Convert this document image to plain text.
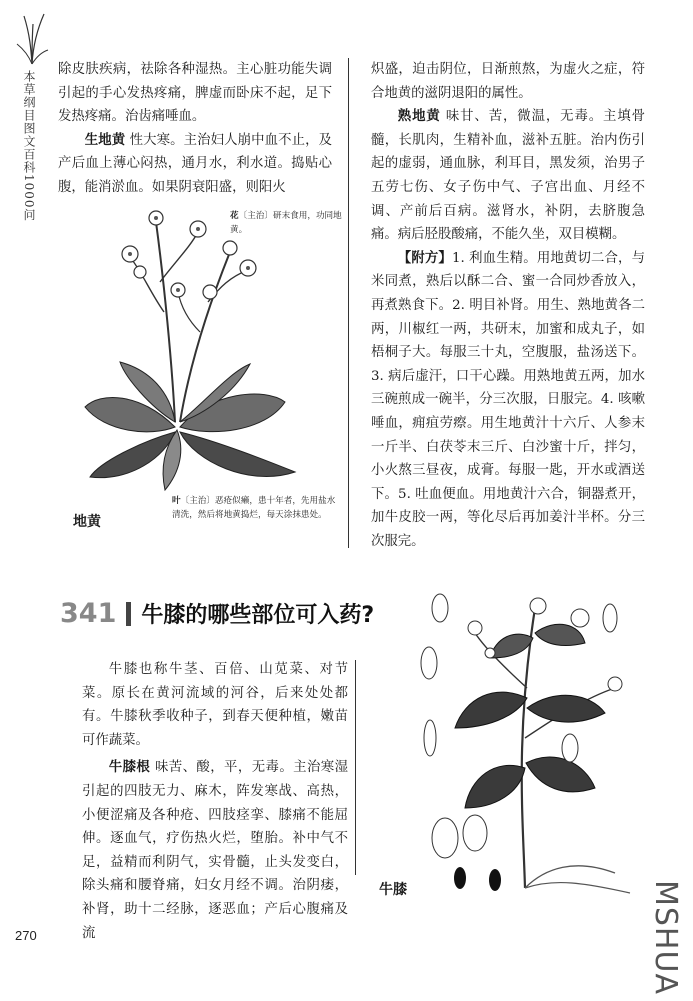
本草纲目图文百科1000问

除皮肤疾病，祛除各种湿热。主心脏功能失调引起的手心发热疼痛，脾虚而卧床不起，足下发热疼痛。治齿痛唾血。

生地黄 性大寒。主治妇人崩中血不止，及产后血上薄心闷热，通月水，利水道。捣贴心腹，能消淤血。如果阴衰阳盛，则阳火

花〔主治〕研末食用，功同地黄。
叶〔主治〕恶疮似癞，患十年者，先用盐水清洗，然后将地黄捣烂，每天涂抹患处。
地黄

炽盛，迫击阴位，日渐煎熬，为虚火之症，符合地黄的滋阴退阳的属性。

熟地黄 味甘、苦，微温，无毒。主填骨髓，长肌肉，生精补血，滋补五脏。治内伤引起的虚弱，通血脉，利耳目，黑发须，治男子五劳七伤、女子伤中气、子宫出血、月经不调、产前后百病。滋肾水，补阴，去脐腹急痛。病后胫股酸痛，不能久坐，双目模糊。

【附方】1. 利血生精。用地黄切二合，与米同煮，熟后以酥二合、蜜一合同炒香放入，再煮熟食下。2. 明目补肾。用生、熟地黄各二两，川椒红一两，共研末，加蜜和成丸子，如梧桐子大。每服三十丸，空腹服，盐汤送下。3. 病后虚汗，口干心躁。用熟地黄五两，加水三碗煎成一碗半，分三次服，日服完。4. 咳嗽唾血，痈疽劳瘵。用生地黄汁十六斤、人参末一斤半、白茯苓末三斤、白沙蜜十斤，拌匀，小火熬三昼夜，成膏。每服一匙，开水或酒送下。5. 吐血便血。用地黄汁六合，铜器煮开，加牛皮胶一两，等化尽后再加姜汁半杯。分三次服完。

341 牛膝的哪些部位可入药?

牛膝也称牛茎、百倍、山苋菜、对节菜。原长在黄河流域的河谷，后来处处都有。牛膝秋季收种子，到春天便种植，嫩苗可作蔬菜。

牛膝根 味苦、酸，平，无毒。主治寒湿引起的四肢无力、麻木，阵发寒战、高热，小便涩痛及各种疮、四肢痉挛、膝痛不能屈伸。逐血气，疗伤热火烂，堕胎。补中气不足，益精而利阴气，实骨髓，止头发变白，除头痛和腰脊痛，妇女月经不调。治阴痿，补肾，助十二经脉，逐恶血；产后心腹痛及流

牛膝
270	MSHUA
